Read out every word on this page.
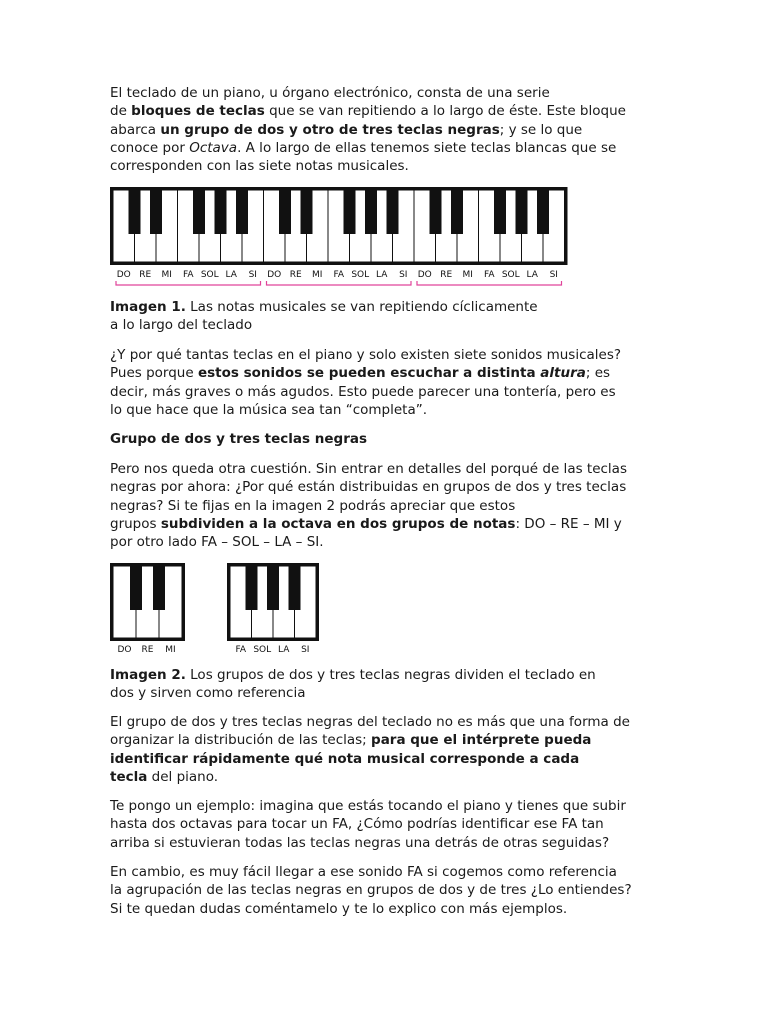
El teclado de un piano, u órgano electrónico, consta de una serie
de bloques de teclas que se van repitiendo a lo largo de éste. Este bloque
abarca un grupo de dos y otro de tres teclas negras; y se lo que
conoce por Octava. A lo largo de ellas tenemos siete teclas blancas que se
corresponden con las siete notas musicales.

DO RE MI FA SOL LA SI DO RE MI FA SOL LA SI DO RE MI FA SOL LA SI

Imagen 1. Las notas musicales se van repitiendo cíclicamente
a lo largo del teclado

¿Y por qué tantas teclas en el piano y solo existen siete sonidos musicales?
Pues porque estos sonidos se pueden escuchar a distinta altura; es
decir, más graves o más agudos. Esto puede parecer una tontería, pero es
lo que hace que la música sea tan “completa”.

Grupo de dos y tres teclas negras

Pero nos queda otra cuestión. Sin entrar en detalles del porqué de las teclas
negras por ahora: ¿Por qué están distribuidas en grupos de dos y tres teclas
negras? Si te fijas en la imagen 2 podrás apreciar que estos
grupos subdividen a la octava en dos grupos de notas: DO – RE – MI y
por otro lado FA – SOL – LA – SI.

DO RE MI	FA SOL LA SI

Imagen 2. Los grupos de dos y tres teclas negras dividen el teclado en
dos y sirven como referencia

El grupo de dos y tres teclas negras del teclado no es más que una forma de
organizar la distribución de las teclas; para que el intérprete pueda
identificar rápidamente qué nota musical corresponde a cada
tecla del piano.

Te pongo un ejemplo: imagina que estás tocando el piano y tienes que subir
hasta dos octavas para tocar un FA, ¿Cómo podrías identificar ese FA tan
arriba si estuvieran todas las teclas negras una detrás de otras seguidas?

En cambio, es muy fácil llegar a ese sonido FA si cogemos como referencia
la agrupación de las teclas negras en grupos de dos y de tres ¿Lo entiendes?
Si te quedan dudas coméntamelo y te lo explico con más ejemplos.
